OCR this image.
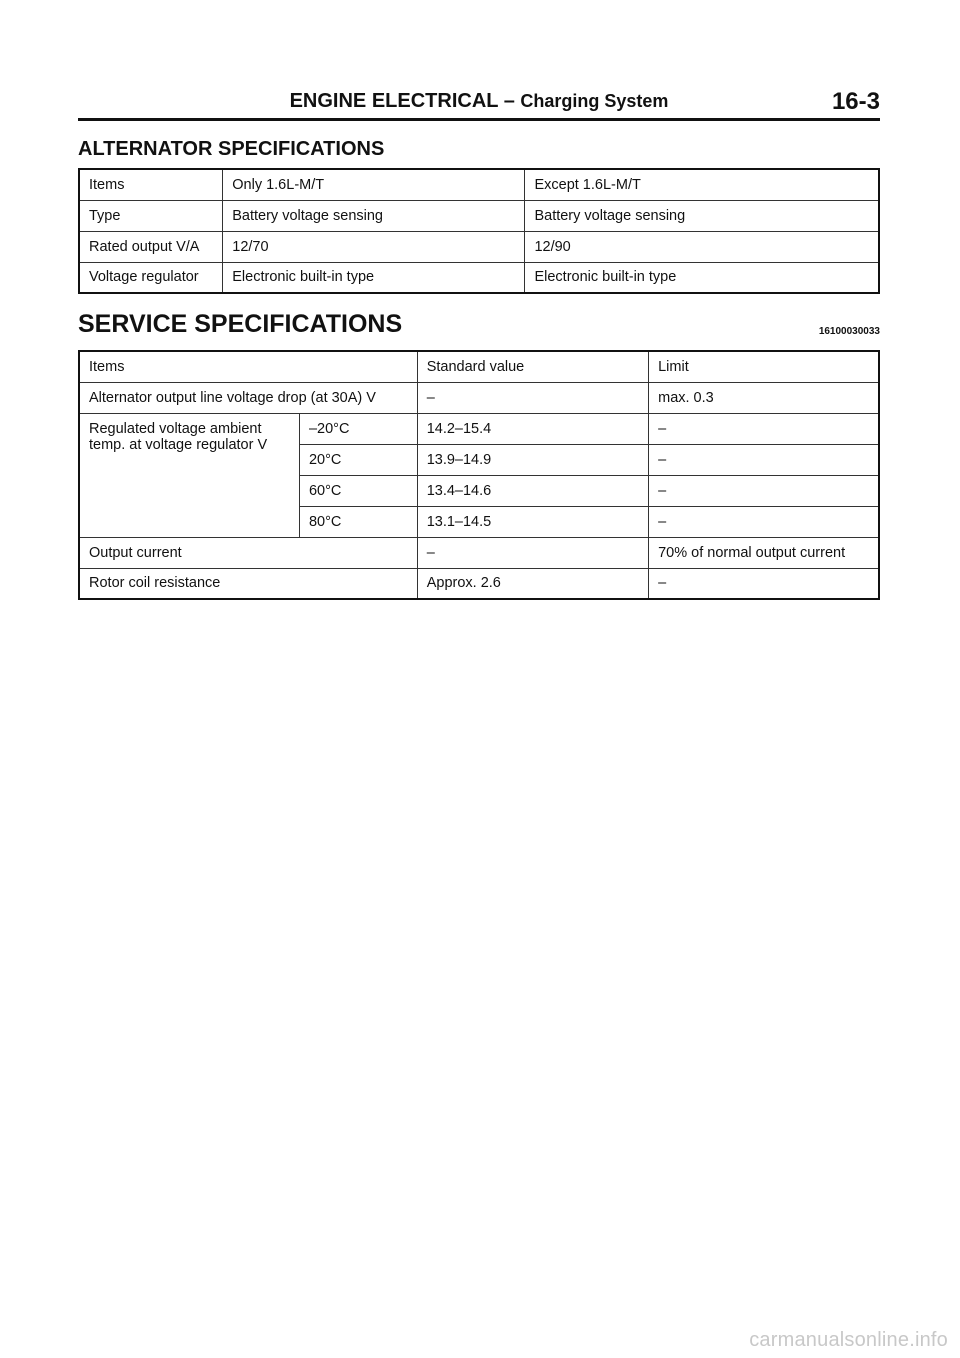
ENGINE ELECTRICAL – Charging System	16-3
ALTERNATOR SPECIFICATIONS
Items	Only 1.6L-M/T	Except 1.6L-M/T
Type	Battery voltage sensing	Battery voltage sensing
Rated output V/A	12/70	12/90
Voltage regulator	Electronic built-in type	Electronic built-in type
SERVICE SPECIFICATIONS	16100030033
Items		Standard value	Limit
Alternator output line voltage drop (at 30A) V		–	max. 0.3
Regulated voltage ambient temp. at voltage regulator V	–20°C	14.2–15.4	–
	20°C	13.9–14.9	–
	60°C	13.4–14.6	–
	80°C	13.1–14.5	–
Output current		–	70% of normal output current
Rotor coil resistance		Approx. 2.6	–
carmanualsonline.info
